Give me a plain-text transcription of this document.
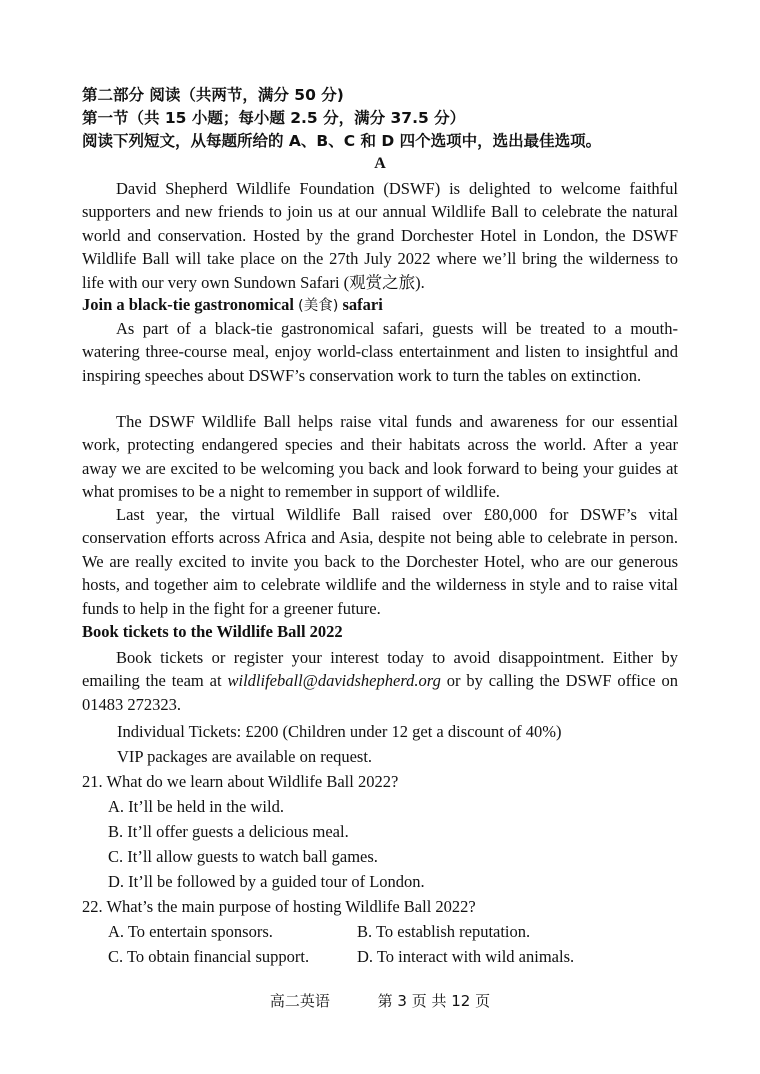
第二部分 阅读（共两节，满分 50 分)
第一节（共 15 小题；每小题 2.5 分，满分 37.5 分）
阅读下列短文，从每题所给的 A、B、C 和 D 四个选项中，选出最佳选项。
A
David Shepherd Wildlife Foundation (DSWF) is delighted to welcome faithful supporters and new friends to join us at our annual Wildlife Ball to celebrate the natural world and conservation. Hosted by the grand Dorchester Hotel in London, the DSWF Wildlife Ball will take place on the 27th July 2022 where we’ll bring the wilderness to life with our very own Sundown Safari (观赏之旅).
Join a black-tie gastronomical (美食) safari
As part of a black-tie gastronomical safari, guests will be treated to a mouth-watering three-course meal, enjoy world-class entertainment and listen to insightful and inspiring speeches about DSWF’s conservation work to turn the tables on extinction.
The DSWF Wildlife Ball helps raise vital funds and awareness for our essential work, protecting endangered species and their habitats across the world. After a year away we are excited to be welcoming you back and look forward to being your guides at what promises to be a night to remember in support of wildlife.
Last year, the virtual Wildlife Ball raised over £80,000 for DSWF’s vital conservation efforts across Africa and Asia, despite not being able to celebrate in person. We are really excited to invite you back to the Dorchester Hotel, who are our generous hosts, and together aim to celebrate wildlife and the wilderness in style and to raise vital funds to help in the fight for a greener future.
Book tickets to the Wildlife Ball 2022
Book tickets or register your interest today to avoid disappointment. Either by emailing the team at wildlifeball@davidshepherd.org or by calling the DSWF office on 01483 272323.
Individual Tickets: £200 (Children under 12 get a discount of 40%)
VIP packages are available on request.
21. What do we learn about Wildlife Ball 2022?
A. It’ll be held in the wild.
B. It’ll offer guests a delicious meal.
C. It’ll allow guests to watch ball games.
D. It’ll be followed by a guided tour of London.
22. What’s the main purpose of hosting Wildlife Ball 2022?
A. To entertain sponsors.	B. To establish reputation.
C. To obtain financial support.	D. To interact with wild animals.
高二英语	第 3 页 共 12 页
